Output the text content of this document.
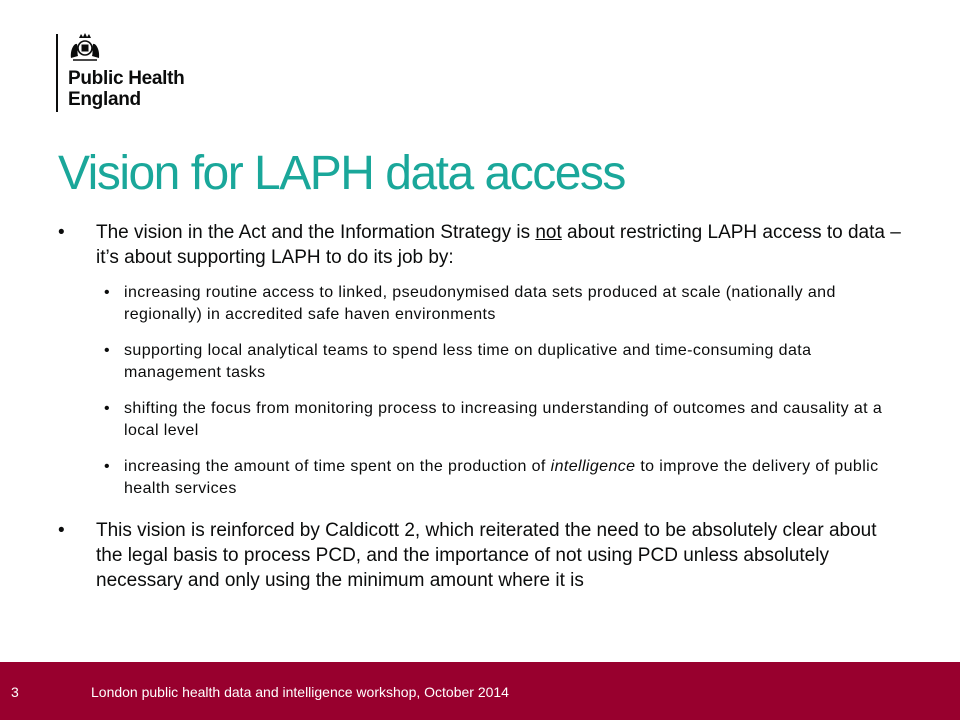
Public Health
England
Vision for LAPH data access
• The vision in the Act and the Information Strategy is not about restricting LAPH access to data – it’s about supporting LAPH to do its job by:
• increasing routine access to linked, pseudonymised data sets produced at scale (nationally and regionally) in accredited safe haven environments
• supporting local analytical teams to spend less time on duplicative and time-consuming data management tasks
• shifting the focus from monitoring process to increasing understanding of outcomes and causality at a local level
• increasing the amount of time spent on the production of intelligence to improve the delivery of public health services
• This vision is reinforced by Caldicott 2, which reiterated the need to be absolutely clear about the legal basis to process PCD, and the importance of not using PCD unless absolutely necessary and only using the minimum amount where it is
3	London public health data and intelligence workshop, October 2014
